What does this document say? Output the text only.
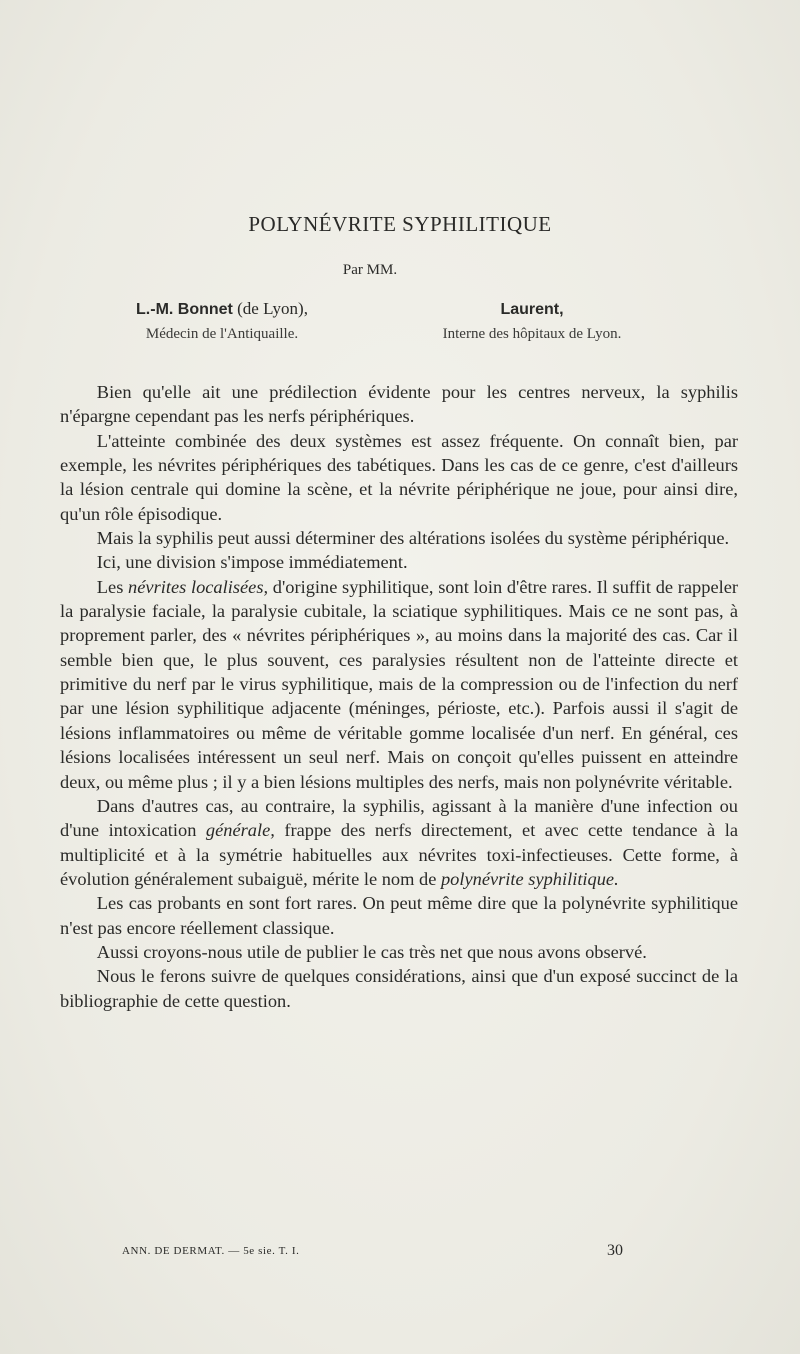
POLYNÉVRITE SYPHILITIQUE
Par MM.
L.-M. Bonnet (de Lyon),
Médecin de l'Antiquaille.
Laurent,
Interne des hôpitaux de Lyon.

Bien qu'elle ait une prédilection évidente pour les centres nerveux, la syphilis n'épargne cependant pas les nerfs périphériques.

L'atteinte combinée des deux systèmes est assez fréquente. On connaît bien, par exemple, les névrites périphériques des tabétiques. Dans les cas de ce genre, c'est d'ailleurs la lésion centrale qui domine la scène, et la névrite périphérique ne joue, pour ainsi dire, qu'un rôle épisodique.

Mais la syphilis peut aussi déterminer des altérations isolées du système périphérique.

Ici, une division s'impose immédiatement.

Les névrites localisées, d'origine syphilitique, sont loin d'être rares. Il suffit de rappeler la paralysie faciale, la paralysie cubitale, la sciatique syphilitiques. Mais ce ne sont pas, à proprement parler, des « névrites périphériques », au moins dans la majorité des cas. Car il semble bien que, le plus souvent, ces paralysies résultent non de l'atteinte directe et primitive du nerf par le virus syphilitique, mais de la compression ou de l'infection du nerf par une lésion syphilitique adjacente (méninges, périoste, etc.). Parfois aussi il s'agit de lésions inflammatoires ou même de véritable gomme localisée d'un nerf. En général, ces lésions localisées intéressent un seul nerf. Mais on conçoit qu'elles puissent en atteindre deux, ou même plus ; il y a bien lésions multiples des nerfs, mais non polynévrite véritable.

Dans d'autres cas, au contraire, la syphilis, agissant à la manière d'une infection ou d'une intoxication générale, frappe des nerfs directement, et avec cette tendance à la multiplicité et à la symétrie habituelles aux névrites toxi-infectieuses. Cette forme, à évolution généralement subaiguë, mérite le nom de polynévrite syphilitique.

Les cas probants en sont fort rares. On peut même dire que la polynévrite syphilitique n'est pas encore réellement classique.

Aussi croyons-nous utile de publier le cas très net que nous avons observé.

Nous le ferons suivre de quelques considérations, ainsi que d'un exposé succinct de la bibliographie de cette question.

ANN. DE DERMAT. — 5e sie. T. I.	30
